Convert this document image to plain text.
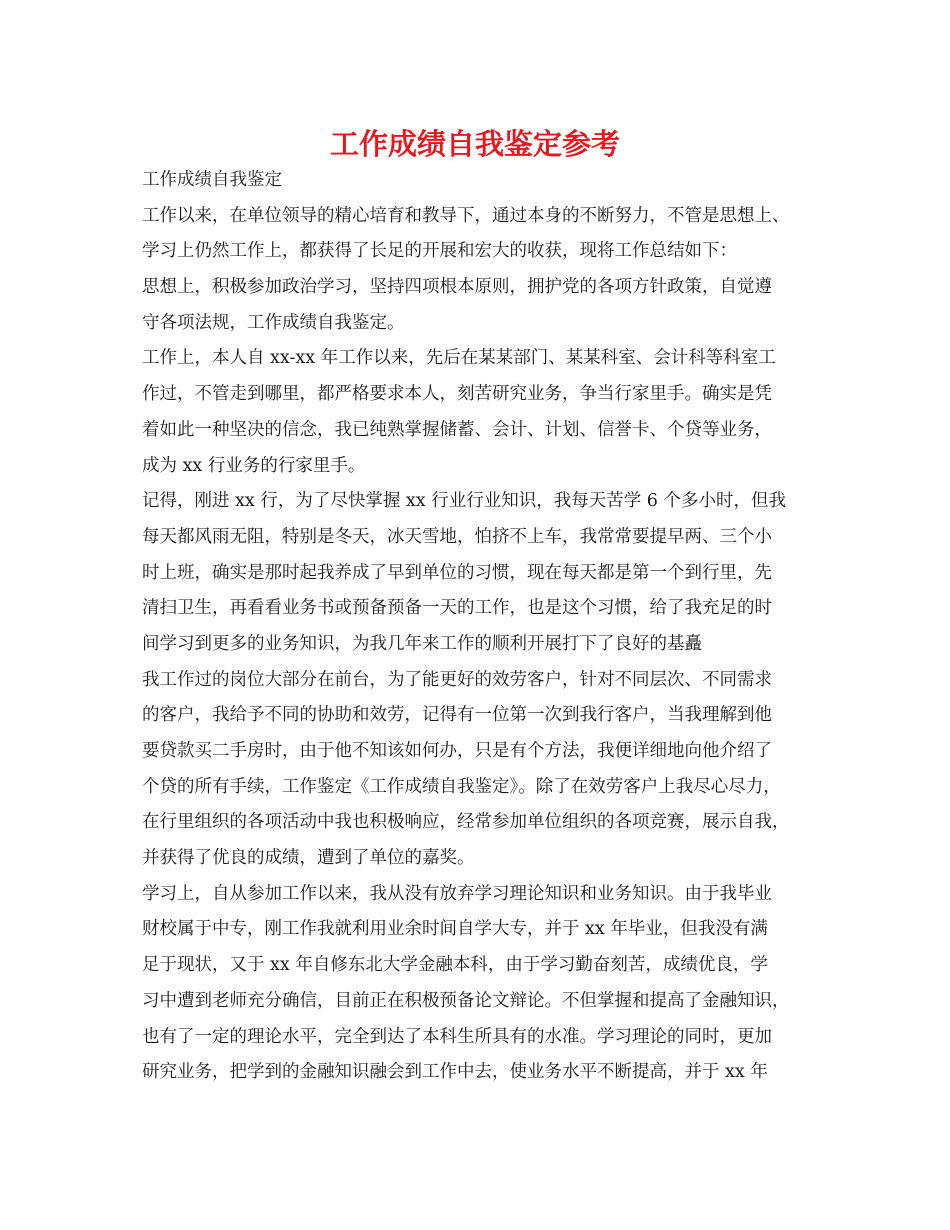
工作成绩自我鉴定参考
工作成绩自我鉴定
工作以来，在单位领导的精心培育和教导下，通过本身的不断努力，不管是思想上、
学习上仍然工作上，都获得了长足的开展和宏大的收获，现将工作总结如下：
思想上，积极参加政治学习，坚持四项根本原则，拥护党的各项方针政策，自觉遵
守各项法规，工作成绩自我鉴定。
工作上，本人自 xx-xx 年工作以来，先后在某某部门、某某科室、会计科等科室工
作过，不管走到哪里，都严格要求本人，刻苦研究业务，争当行家里手。确实是凭
着如此一种坚决的信念，我已纯熟掌握储蓄、会计、计划、信誉卡、个贷等业务，
成为 xx 行业务的行家里手。
记得，刚进 xx 行，为了尽快掌握 xx 行业行业知识，我每天苦学 6 个多小时，但我
每天都风雨无阻，特别是冬天，冰天雪地，怕挤不上车，我常常要提早两、三个小
时上班，确实是那时起我养成了早到单位的习惯，现在每天都是第一个到行里，先
清扫卫生，再看看业务书或预备预备一天的工作，也是这个习惯，给了我充足的时
间学习到更多的业务知识，为我几年来工作的顺利开展打下了良好的基矗
我工作过的岗位大部分在前台，为了能更好的效劳客户，针对不同层次、不同需求
的客户，我给予不同的协助和效劳，记得有一位第一次到我行客户，当我理解到他
要贷款买二手房时，由于他不知该如何办，只是有个方法，我便详细地向他介绍了
个贷的所有手续，工作鉴定《工作成绩自我鉴定》。除了在效劳客户上我尽心尽力，
在行里组织的各项活动中我也积极响应，经常参加单位组织的各项竞赛，展示自我，
并获得了优良的成绩，遭到了单位的嘉奖。
学习上，自从参加工作以来，我从没有放弃学习理论知识和业务知识。由于我毕业
财校属于中专，刚工作我就利用业余时间自学大专，并于 xx 年毕业，但我没有满
足于现状，又于 xx 年自修东北大学金融本科，由于学习勤奋刻苦，成绩优良，学
习中遭到老师充分确信，目前正在积极预备论文辩论。不但掌握和提高了金融知识，
也有了一定的理论水平，完全到达了本科生所具有的水准。学习理论的同时，更加
研究业务，把学到的金融知识融会到工作中去，使业务水平不断提高，并于 xx 年
